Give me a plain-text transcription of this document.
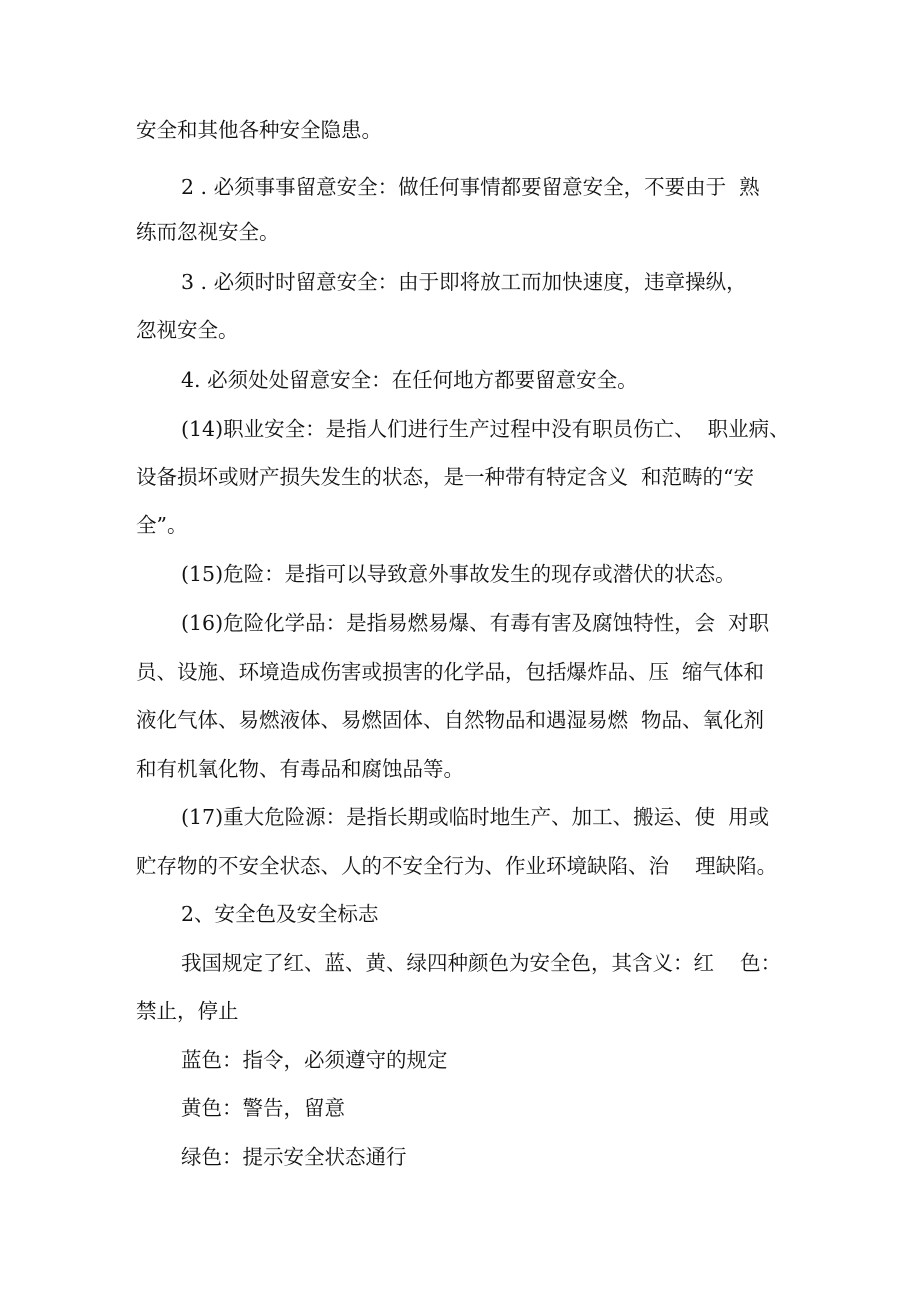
安全和其他各种安全隐患。

2 . 必须事事留意安全：做任何事情都要留意安全，不要由于  熟

练而忽视安全。

3 . 必须时时留意安全：由于即将放工而加快速度，违章操纵，

忽视安全。

4. 必须处处留意安全：在任何地方都要留意安全。

(14)职业安全：是指人们进行生产过程中没有职员伤亡、  职业病、

设备损坏或财产损失发生的状态，是一种带有特定含义  和范畴的“安

全”。

(15)危险：是指可以导致意外事故发生的现存或潜伏的状态。

(16)危险化学品：是指易燃易爆、有毒有害及腐蚀特性，会  对职

员、设施、环境造成伤害或损害的化学品，包括爆炸品、压  缩气体和

液化气体、易燃液体、易燃固体、自然物品和遇湿易燃  物品、氧化剂

和有机氧化物、有毒品和腐蚀品等。

(17)重大危险源：是指长期或临时地生产、加工、搬运、使  用或

贮存物的不安全状态、人的不安全行为、作业环境缺陷、治    理缺陷。

2、安全色及安全标志

我国规定了红、蓝、黄、绿四种颜色为安全色，其含义：红    色：

禁止，停止

蓝色：指令，必须遵守的规定

黄色：警告，留意

绿色：提示安全状态通行
